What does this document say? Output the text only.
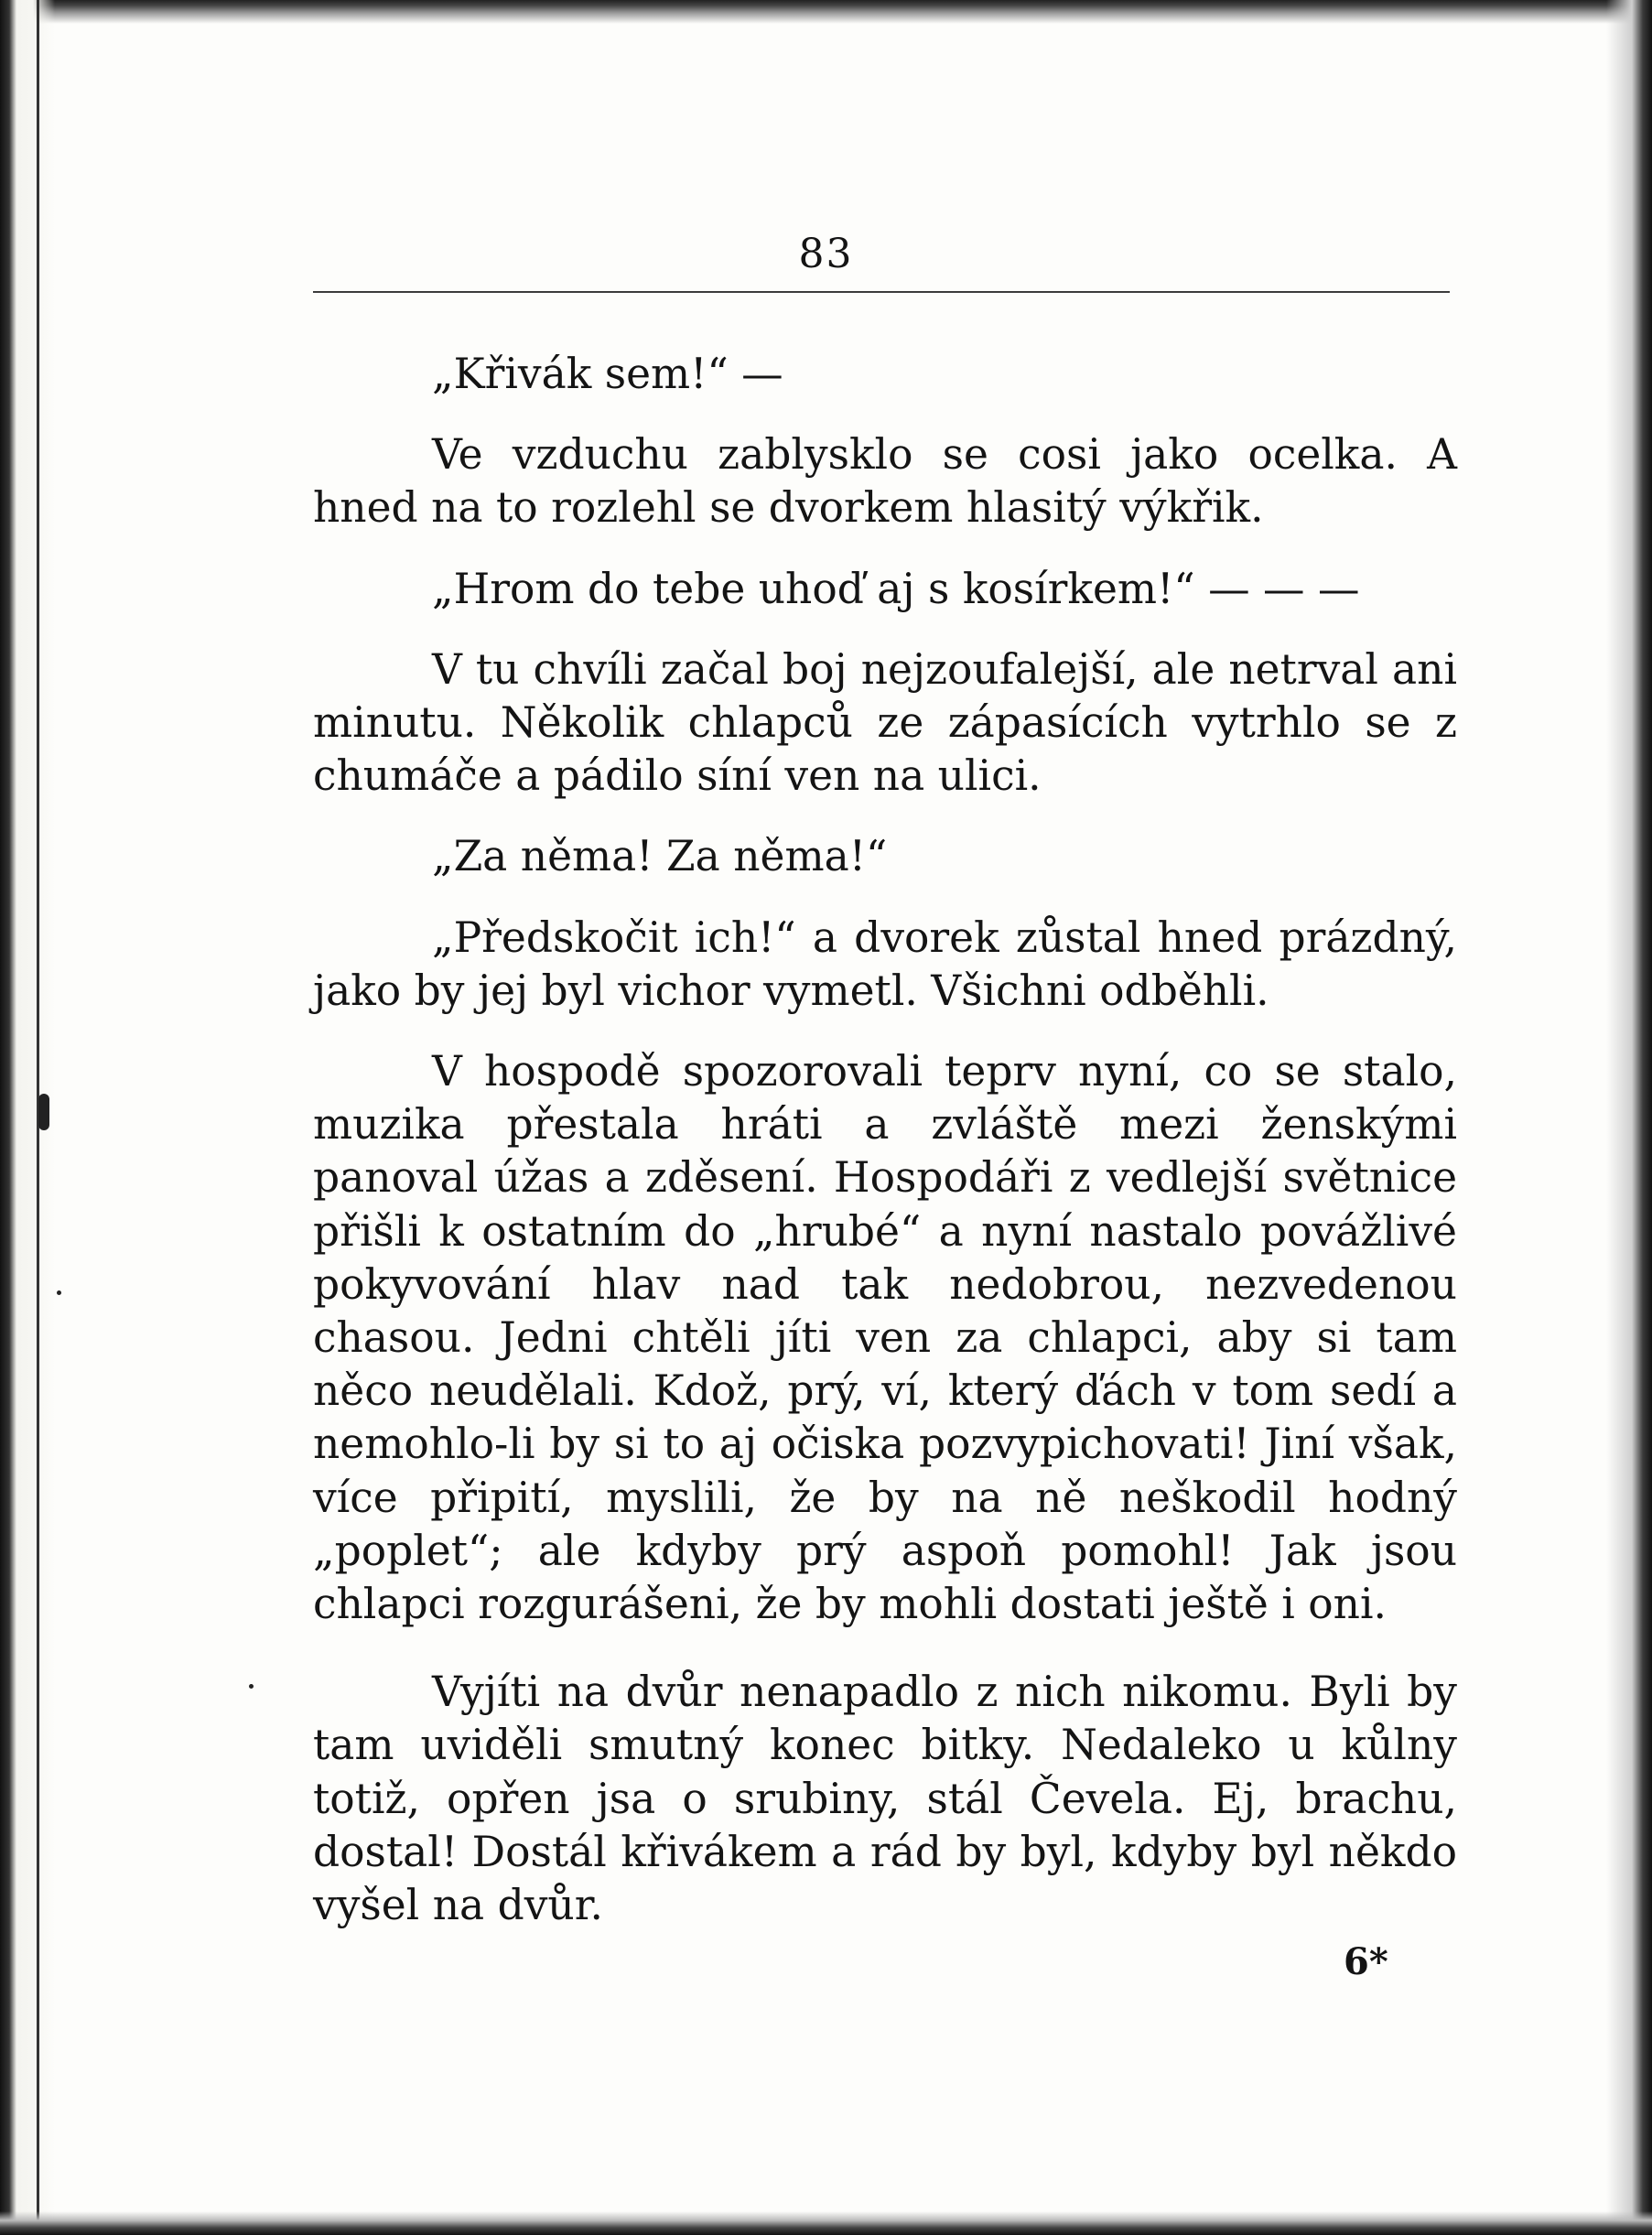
83

„Křivák sem!“ —

Ve vzduchu zablysklo se cosi jako ocelka. A hned na to rozlehl se dvorkem hlasitý výkřik.

„Hrom do tebe uhoď aj s kosírkem!“ — — —

V tu chvíli začal boj nejzoufalejší, ale netrval ani minutu. Několik chlapců ze zápasících vytrhlo se z chumáče a pádilo síní ven na ulici.

„Za něma! Za něma!“

„Předskočit ich!“ a dvorek zůstal hned prázdný, jako by jej byl vichor vymetl. Všichni odběhli.

V hospodě spozorovali teprv nyní, co se stalo, muzika přestala hráti a zvláště mezi ženskými panoval úžas a zděsení. Hospodáři z vedlejší světnice přišli k ostatním do „hrubé“ a nyní nastalo povážlivé pokyvování hlav nad tak nedobrou, nezvedenou chasou. Jedni chtěli jíti ven za chlapci, aby si tam něco neudělali. Kdož, prý, ví, který ďách v tom sedí a nemohlo-li by si to aj očiska pozvypichovati! Jiní však, více připití, myslili, že by na ně neškodil hodný „poplet“; ale kdyby prý aspoň pomohl! Jak jsou chlapci rozgurášeni, že by mohli dostati ještě i oni.

Vyjíti na dvůr nenapadlo z nich nikomu. Byli by tam uviděli smutný konec bitky. Nedaleko u kůlny totiž, opřen jsa o srubiny, stál Čevela. Ej, brachu, dostal! Dostál křivákem a rád by byl, kdyby byl někdo vyšel na dvůr.

6*
